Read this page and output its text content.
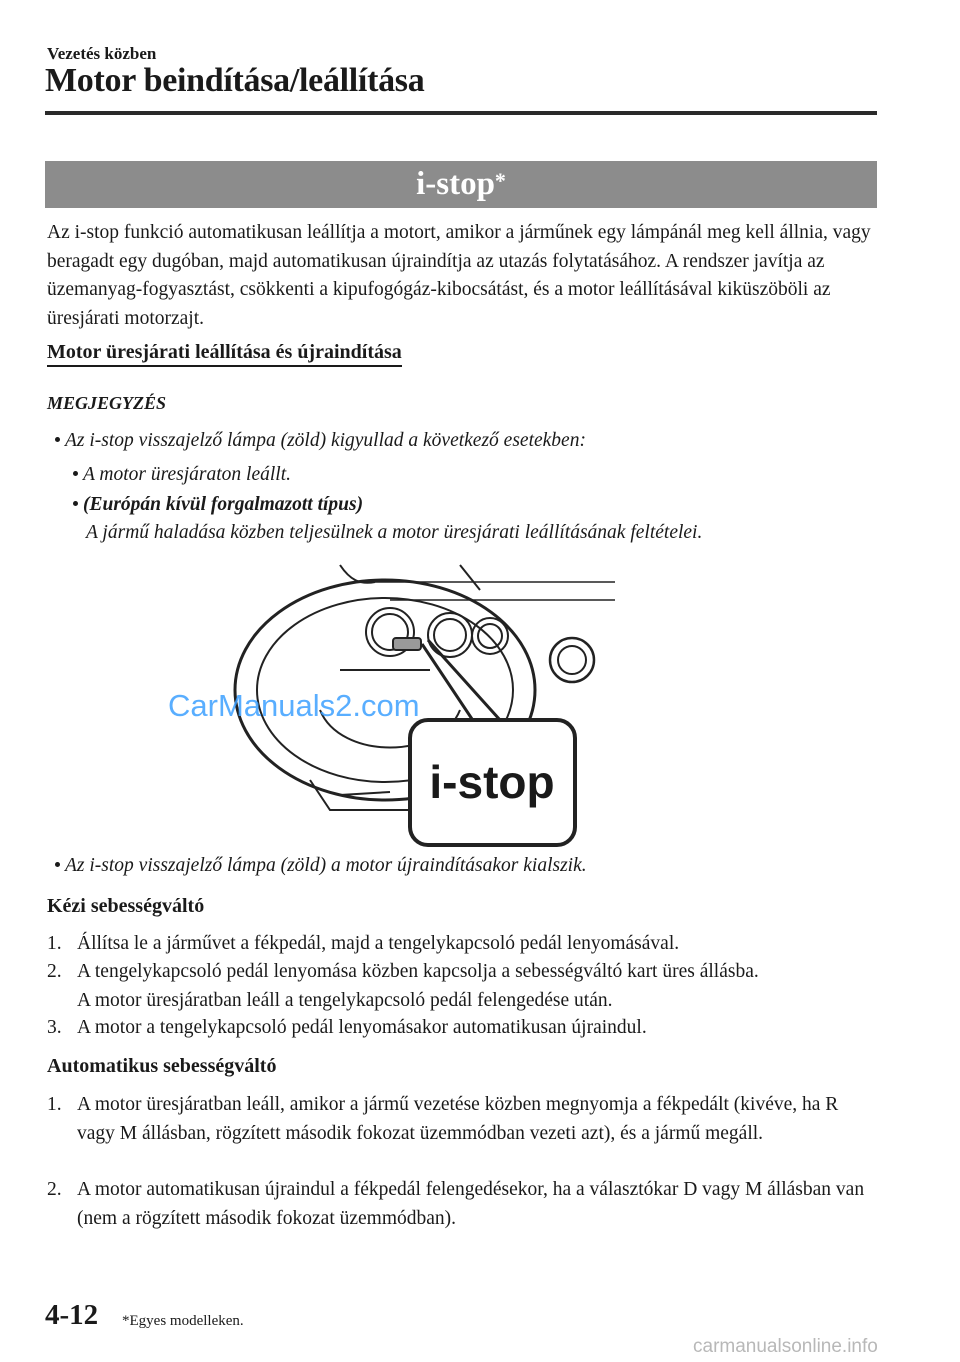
Vezetés közben
Motor beindítása/leállítása
i-stop*
Az i-stop funkció automatikusan leállítja a motort, amikor a járműnek egy lámpánál meg kell állnia, vagy beragadt egy dugóban, majd automatikusan újraindítja az utazás folytatásához. A rendszer javítja az üzemanyag-fogyasztást, csökkenti a kipufogógáz-kibocsátást, és a motor leállításával kiküszöböli az üresjárati motorzajt.
Motor üresjárati leállítása és újraindítása
MEGJEGYZÉS
Az i-stop visszajelző lámpa (zöld) kigyullad a következő esetekben:
A motor üresjáraton leállt.
(Európán kívül forgalmazott típus)
A jármű haladása közben teljesülnek a motor üresjárati leállításának feltételei.
i-stop
CarManuals2.com
Az i-stop visszajelző lámpa (zöld) a motor újraindításakor kialszik.
Kézi sebességváltó
1. Állítsa le a járművet a fékpedál, majd a tengelykapcsoló pedál lenyomásával.
2. A tengelykapcsoló pedál lenyomása közben kapcsolja a sebességváltó kart üres állásba.
A motor üresjáratban leáll a tengelykapcsoló pedál felengedése után.
3. A motor a tengelykapcsoló pedál lenyomásakor automatikusan újraindul.
Automatikus sebességváltó
1. A motor üresjáratban leáll, amikor a jármű vezetése közben megnyomja a fékpedált (kivéve, ha R vagy M állásban, rögzített második fokozat üzemmódban vezeti azt), és a jármű megáll.
2. A motor automatikusan újraindul a fékpedál felengedésekor, ha a választókar D vagy M állásban van (nem a rögzített második fokozat üzemmódban).
4-12 *Egyes modelleken.
carmanualsonline.info
